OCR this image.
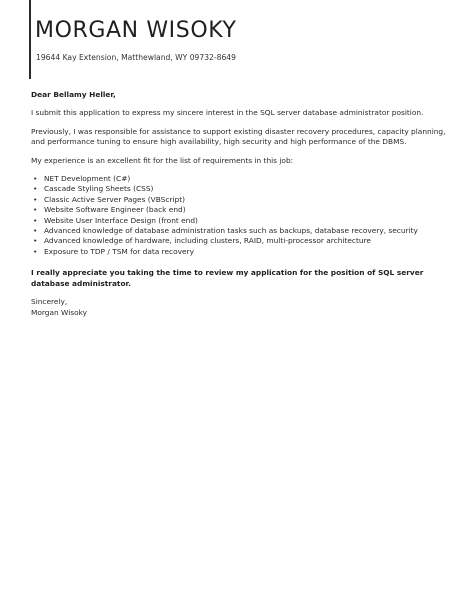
MORGAN WISOKY
19644 Kay Extension, Matthewland, WY 09732-8649

Dear Bellamy Heller,

I submit this application to express my sincere interest in the SQL server database administrator position.

Previously, I was responsible for assistance to support existing disaster recovery procedures, capacity planning, and performance tuning to ensure high availability, high security and high performance of the DBMS.

My experience is an excellent fit for the list of requirements in this job:

• NET Development (C#)
• Cascade Styling Sheets (CSS)
• Classic Active Server Pages (VBScript)
• Website Software Engineer (back end)
• Website User Interface Design (front end)
• Advanced knowledge of database administration tasks such as backups, database recovery, security
• Advanced knowledge of hardware, including clusters, RAID, multi-processor architecture
• Exposure to TDP / TSM for data recovery

I really appreciate you taking the time to review my application for the position of SQL server database administrator.

Sincerely,

Morgan Wisoky
